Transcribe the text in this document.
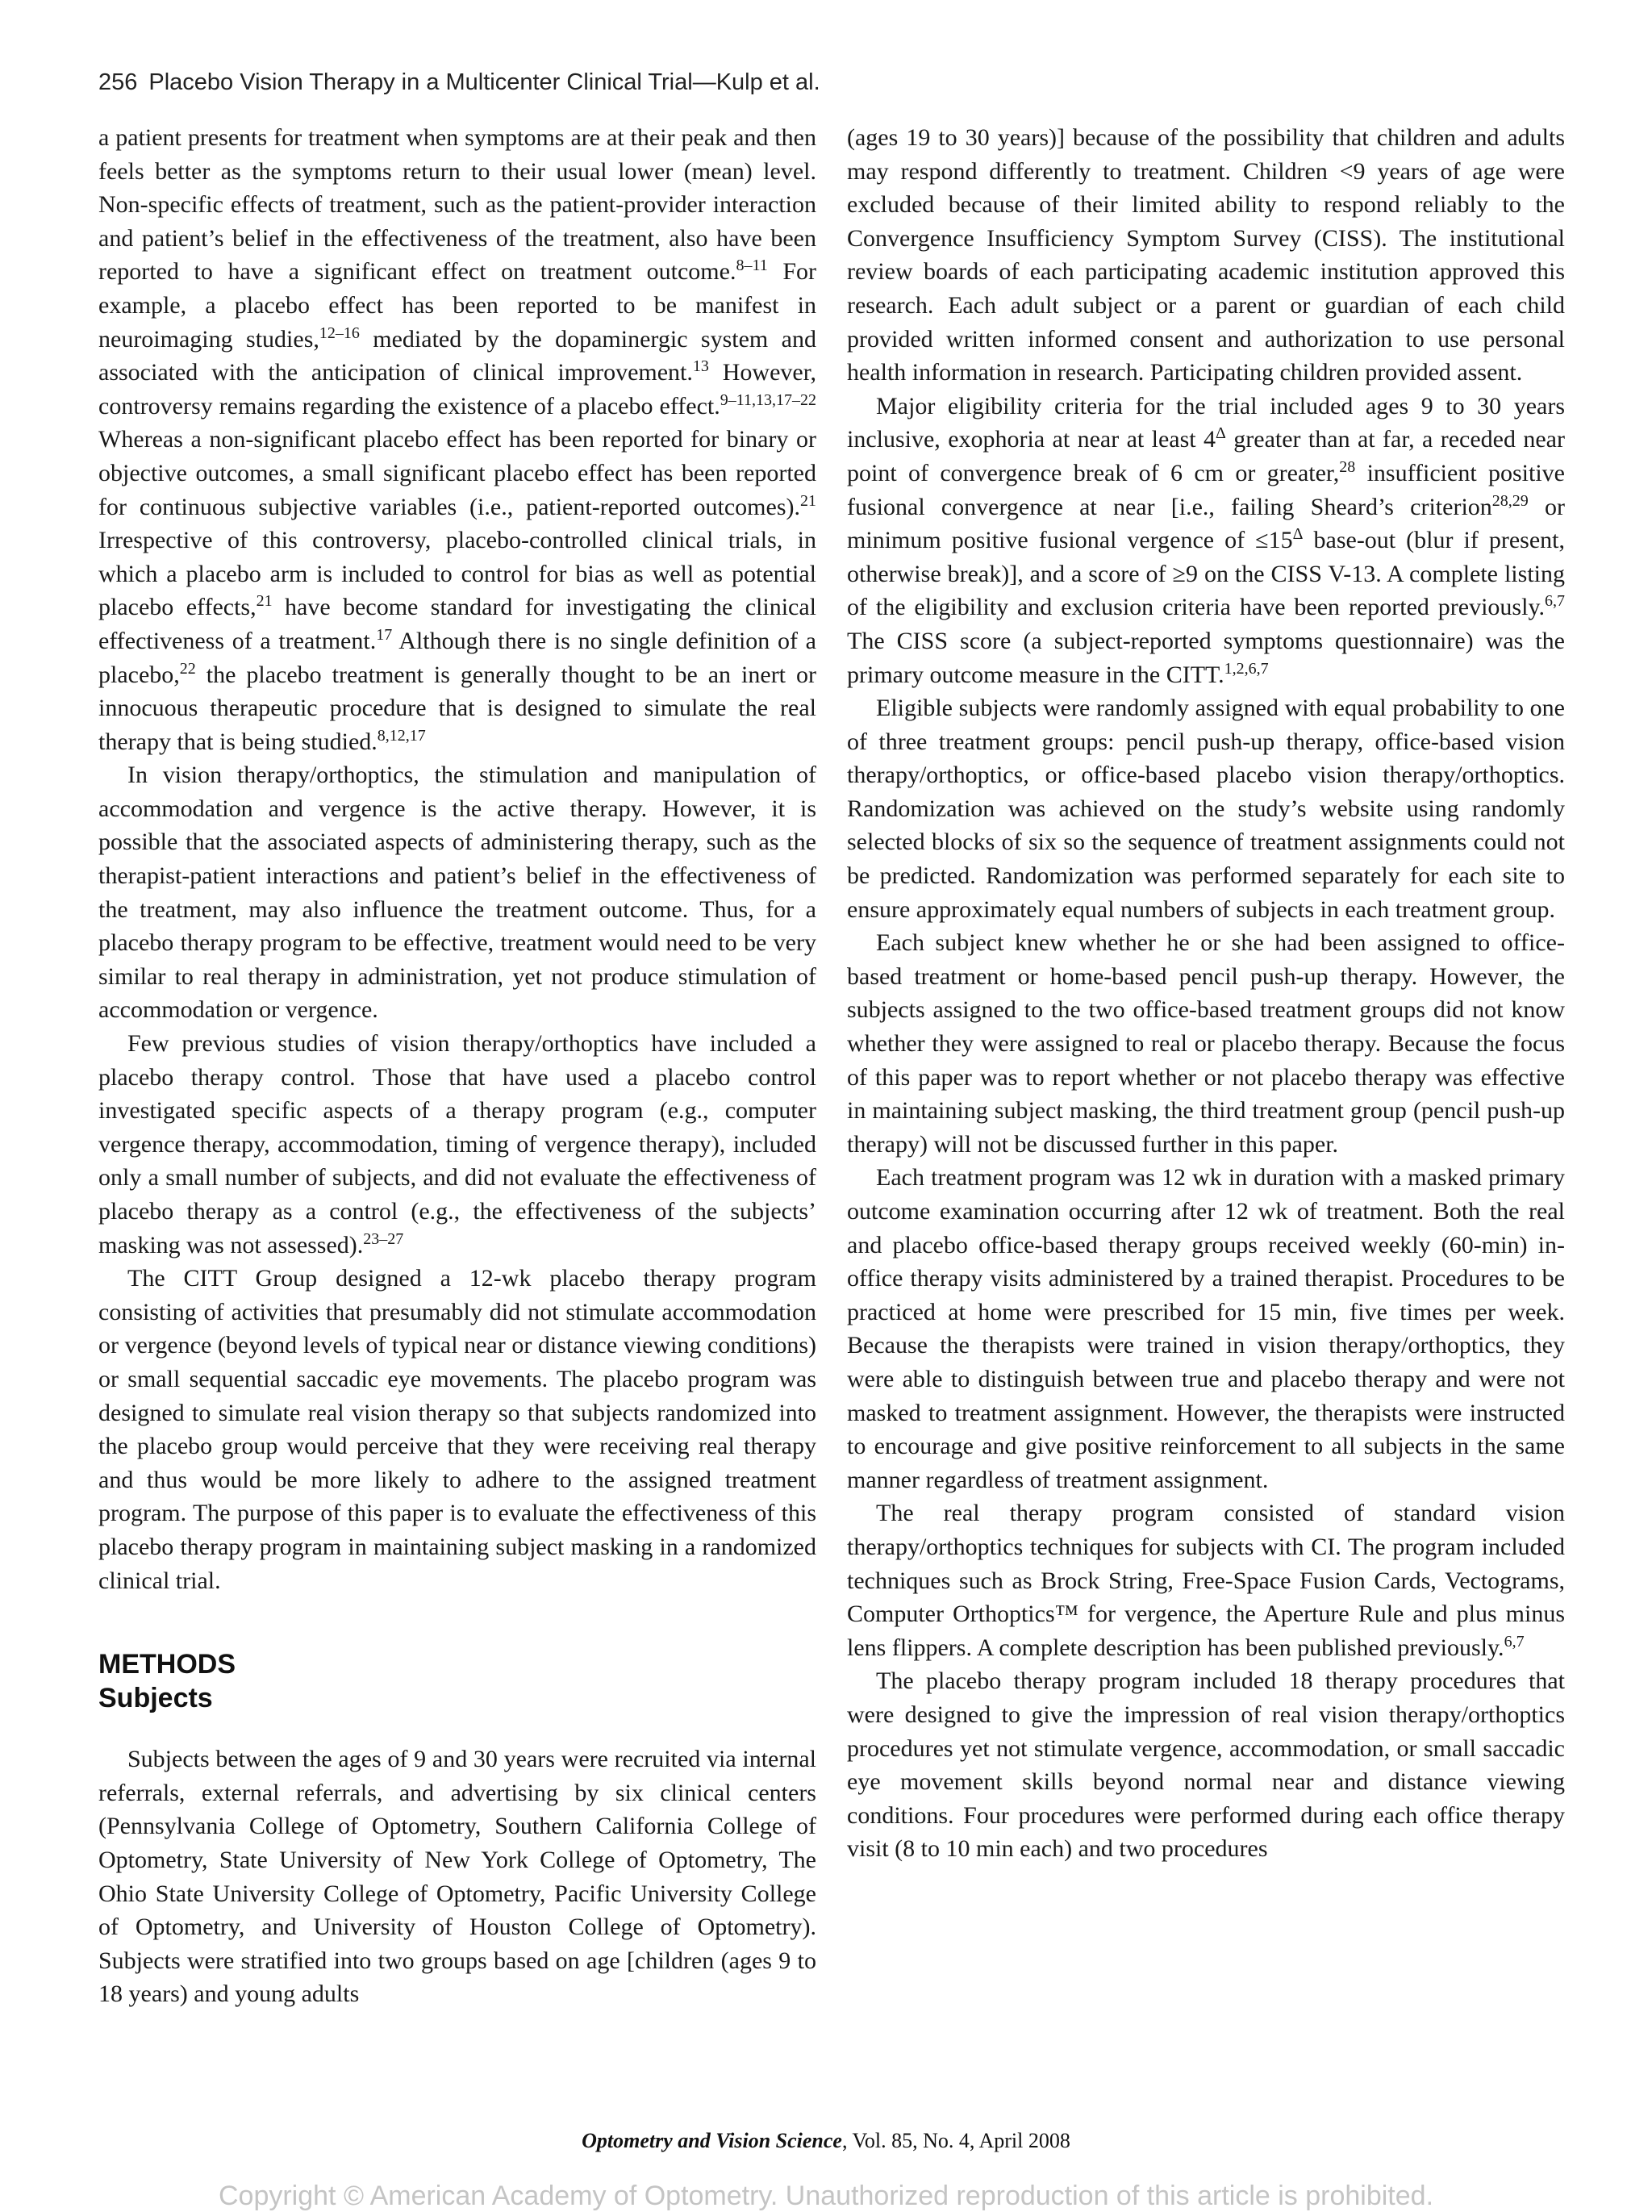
256 Placebo Vision Therapy in a Multicenter Clinical Trial—Kulp et al.

a patient presents for treatment when symptoms are at their peak and then feels better as the symptoms return to their usual lower (mean) level. Non-specific effects of treatment, such as the patient-provider interaction and patient’s belief in the effectiveness of the treatment, also have been reported to have a significant effect on treatment outcome.$^{8-11}$ For example, a placebo effect has been reported to be manifest in neuroimaging studies,$^{12-16}$ mediated by the dopaminergic system and associated with the anticipation of clinical improvement.$^{13}$ However, controversy remains regarding the existence of a placebo effect.$^{9-11,13,17-22}$ Whereas a non-significant placebo effect has been reported for binary or objective outcomes, a small significant placebo effect has been reported for continuous subjective variables (i.e., patient-reported outcomes).$^{21}$ Irrespective of this controversy, placebo-controlled clinical trials, in which a placebo arm is included to control for bias as well as potential placebo effects,$^{21}$ have become standard for investigating the clinical effectiveness of a treatment.$^{17}$ Although there is no single definition of a placebo,$^{22}$ the placebo treatment is generally thought to be an inert or innocuous therapeutic procedure that is designed to simulate the real therapy that is being studied.$^{8,12,17}$

In vision therapy/orthoptics, the stimulation and manipulation of accommodation and vergence is the active therapy. However, it is possible that the associated aspects of administering therapy, such as the therapist-patient interactions and patient’s belief in the effectiveness of the treatment, may also influence the treatment outcome. Thus, for a placebo therapy program to be effective, treatment would need to be very similar to real therapy in administration, yet not produce stimulation of accommodation or vergence.

Few previous studies of vision therapy/orthoptics have included a placebo therapy control. Those that have used a placebo control investigated specific aspects of a therapy program (e.g., computer vergence therapy, accommodation, timing of vergence therapy), included only a small number of subjects, and did not evaluate the effectiveness of placebo therapy as a control (e.g., the effectiveness of the subjects’ masking was not assessed).$^{23-27}$

The CITT Group designed a 12-wk placebo therapy program consisting of activities that presumably did not stimulate accommodation or vergence (beyond levels of typical near or distance viewing conditions) or small sequential saccadic eye movements. The placebo program was designed to simulate real vision therapy so that subjects randomized into the placebo group would perceive that they were receiving real therapy and thus would be more likely to adhere to the assigned treatment program. The purpose of this paper is to evaluate the effectiveness of this placebo therapy program in maintaining subject masking in a randomized clinical trial.

METHODS
Subjects

Subjects between the ages of 9 and 30 years were recruited via internal referrals, external referrals, and advertising by six clinical centers (Pennsylvania College of Optometry, Southern California College of Optometry, State University of New York College of Optometry, The Ohio State University College of Optometry, Pacific University College of Optometry, and University of Houston College of Optometry). Subjects were stratified into two groups based on age [children (ages 9 to 18 years) and young adults

(ages 19 to 30 years)] because of the possibility that children and adults may respond differently to treatment. Children <9 years of age were excluded because of their limited ability to respond reliably to the Convergence Insufficiency Symptom Survey (CISS). The institutional review boards of each participating academic institution approved this research. Each adult subject or a parent or guardian of each child provided written informed consent and authorization to use personal health information in research. Participating children provided assent.

Major eligibility criteria for the trial included ages 9 to 30 years inclusive, exophoria at near at least $4^\Delta$ greater than at far, a receded near point of convergence break of 6 cm or greater,$^{28}$ insufficient positive fusional convergence at near [i.e., failing Sheard’s criterion$^{28,29}$ or minimum positive fusional vergence of $\le 15^\Delta$ base-out (blur if present, otherwise break)], and a score of ≥9 on the CISS V-13. A complete listing of the eligibility and exclusion criteria have been reported previously.$^{6,7}$ The CISS score (a subject-reported symptoms questionnaire) was the primary outcome measure in the CITT.$^{1,2,6,7}$

Eligible subjects were randomly assigned with equal probability to one of three treatment groups: pencil push-up therapy, office-based vision therapy/orthoptics, or office-based placebo vision therapy/orthoptics. Randomization was achieved on the study’s website using randomly selected blocks of six so the sequence of treatment assignments could not be predicted. Randomization was performed separately for each site to ensure approximately equal numbers of subjects in each treatment group.

Each subject knew whether he or she had been assigned to office-based treatment or home-based pencil push-up therapy. However, the subjects assigned to the two office-based treatment groups did not know whether they were assigned to real or placebo therapy. Because the focus of this paper was to report whether or not placebo therapy was effective in maintaining subject masking, the third treatment group (pencil push-up therapy) will not be discussed further in this paper.

Each treatment program was 12 wk in duration with a masked primary outcome examination occurring after 12 wk of treatment. Both the real and placebo office-based therapy groups received weekly (60-min) in-office therapy visits administered by a trained therapist. Procedures to be practiced at home were prescribed for 15 min, five times per week. Because the therapists were trained in vision therapy/orthoptics, they were able to distinguish between true and placebo therapy and were not masked to treatment assignment. However, the therapists were instructed to encourage and give positive reinforcement to all subjects in the same manner regardless of treatment assignment.

The real therapy program consisted of standard vision therapy/orthoptics techniques for subjects with CI. The program included techniques such as Brock String, Free-Space Fusion Cards, Vectograms, Computer Orthoptics™ for vergence, the Aperture Rule and plus minus lens flippers. A complete description has been published previously.$^{6,7}$

The placebo therapy program included 18 therapy procedures that were designed to give the impression of real vision therapy/orthoptics procedures yet not stimulate vergence, accommodation, or small saccadic eye movement skills beyond normal near and distance viewing conditions. Four procedures were performed during each office therapy visit (8 to 10 min each) and two procedures

Optometry and Vision Science, Vol. 85, No. 4, April 2008
Copyright © American Academy of Optometry. Unauthorized reproduction of this article is prohibited.
